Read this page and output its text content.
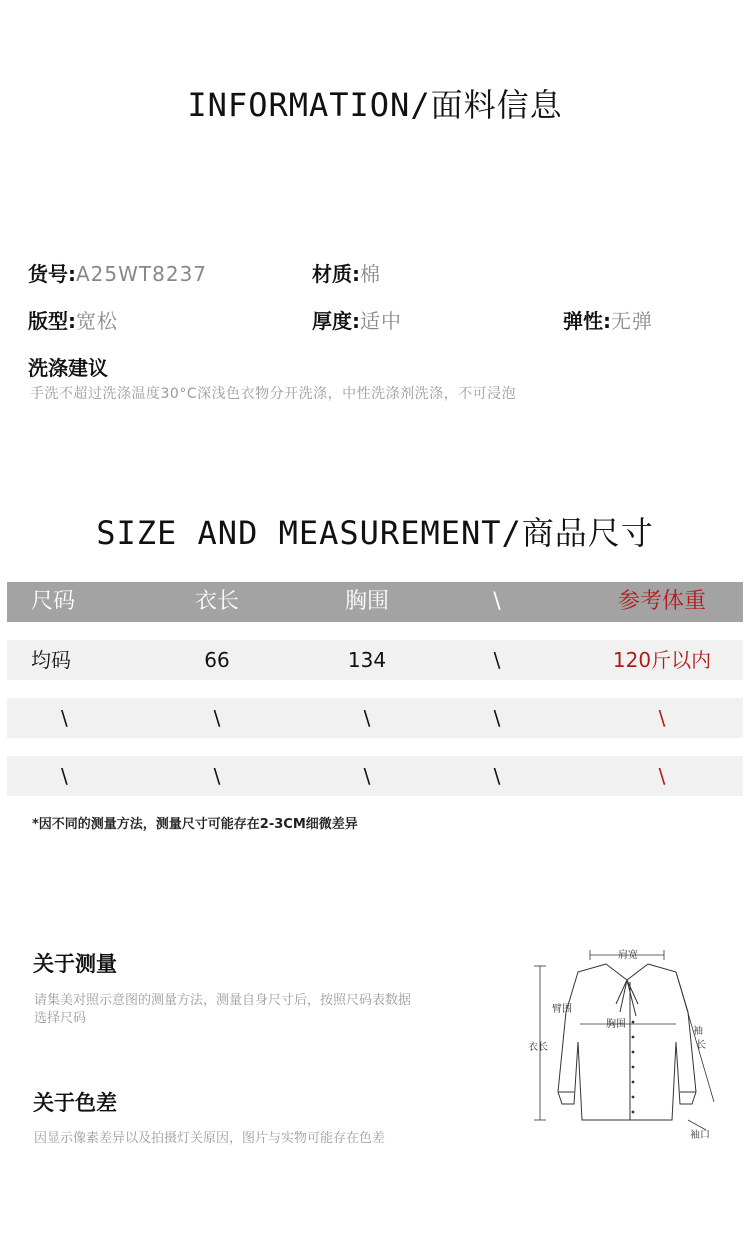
INFORMATION/面料信息
货号:A25WT8237	材质:棉
版型:宽松	厚度:适中	弹性:无弹
洗涤建议
手洗不超过洗涤温度30°C深浅色衣物分开洗涤，中性洗涤剂洗涤，不可浸泡
SIZE AND MEASUREMENT/商品尺寸
尺码	衣长	胸围	\	参考体重
均码	66	134	\	120斤以内
\	\	\	\	\
\	\	\	\	\
*因不同的测量方法，测量尺寸可能存在2-3CM细微差异
关于测量
请集美对照示意图的测量方法，测量自身尺寸后，按照尺码表数据
选择尺码
关于色差
因显示像素差异以及拍摄灯关原因，图片与实物可能存在色差
肩宽
臂围
胸围
衣长
袖
长
袖口
